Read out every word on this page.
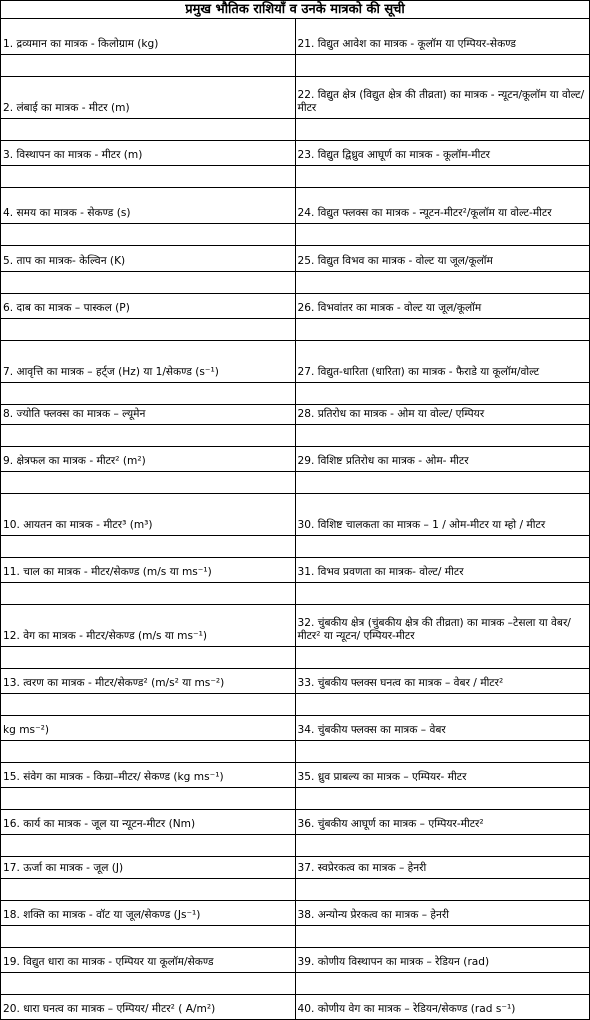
प्रमुख भौतिक राशियाँ व उनके मात्रको की सूची	
1. द्रव्यमान का मात्रक - किलोग्राम (kg)	21. विद्युत आवेश का मात्रक - कूलॉम या एम्पियर-सेकण्ड

2. लंबाई का मात्रक - मीटर (m)	22. विद्युत क्षेत्र (विद्युत क्षेत्र की तीव्रता) का मात्रक - न्यूटन/कूलॉम या वोल्ट/मीटर

3. विस्थापन का मात्रक - मीटर (m)	23. विद्युत द्विध्रुव आघूर्ण का मात्रक - कूलॉम-मीटर

4. समय का मात्रक - सेकण्ड (s)	24. विद्युत फ्लक्स का मात्रक - न्यूटन-मीटर²/कूलॉम या वोल्ट-मीटर

5. ताप का मात्रक- केल्विन (K)	25. विद्युत विभव का मात्रक - वोल्ट या जूल/कूलॉम

6. दाब का मात्रक – पास्कल (P)	26. विभवांतर का मात्रक - वोल्ट या जूल/कूलॉम

7. आवृत्ति का मात्रक – हर्ट्ज (Hz) या 1/सेकण्ड (s⁻¹)	27. विद्युत-धारिता (धारिता) का मात्रक - फैराडे या कूलॉम/वोल्ट

8. ज्योति फ्लक्स का मात्रक – ल्यूमेन	28. प्रतिरोध का मात्रक - ओम या वोल्ट/ एम्पियर

9. क्षेत्रफल का मात्रक - मीटर² (m²)	29. विशिष्ट प्रतिरोध का मात्रक - ओम- मीटर

10. आयतन का मात्रक - मीटर³ (m³)	30. विशिष्ट चालकता का मात्रक – 1 / ओम-मीटर या म्हो / मीटर

11. चाल का मात्रक - मीटर/सेकण्ड (m/s या ms⁻¹)	31. विभव प्रवणता का मात्रक- वोल्ट/ मीटर

12. वेग का मात्रक - मीटर/सेकण्ड (m/s या ms⁻¹)	32. चुंबकीय क्षेत्र (चुंबकीय क्षेत्र की तीव्रता) का मात्रक –टेसला या वेबर/मीटर² या न्यूटन/ एम्पियर-मीटर

13. त्वरण का मात्रक - मीटर/सेकण्ड² (m/s² या ms⁻²)	33. चुंबकीय फ्लक्स घनत्व का मात्रक – वेबर / मीटर²

kg ms⁻²)	34. चुंबकीय फ्लक्स का मात्रक – वेबर

15. संवेग का मात्रक - किग्रा–मीटर/ सेकण्ड (kg ms⁻¹)	35. ध्रुव प्राबल्य का मात्रक – एम्पियर- मीटर

16. कार्य का मात्रक - जूल या न्यूटन-मीटर (Nm)	36. चुंबकीय आघूर्ण का मात्रक – एम्पियर-मीटर²

17. ऊर्जा का मात्रक - जूल (J)	37. स्वप्रेरकत्व का मात्रक – हेनरी

18. शक्ति का मात्रक - वॉट या जूल/सेकण्ड (Js⁻¹)	38. अन्योन्य प्रेरकत्व का मात्रक – हेनरी

19. विद्युत धारा का मात्रक - एम्पियर या कूलॉम/सेकण्ड	39. कोणीय विस्थापन का मात्रक – रेडियन (rad)

20. धारा घनत्व का मात्रक – एम्पियर/ मीटर² ( A/m²)	40. कोणीय वेग का मात्रक – रेडियन/सेकण्ड (rad s⁻¹)
